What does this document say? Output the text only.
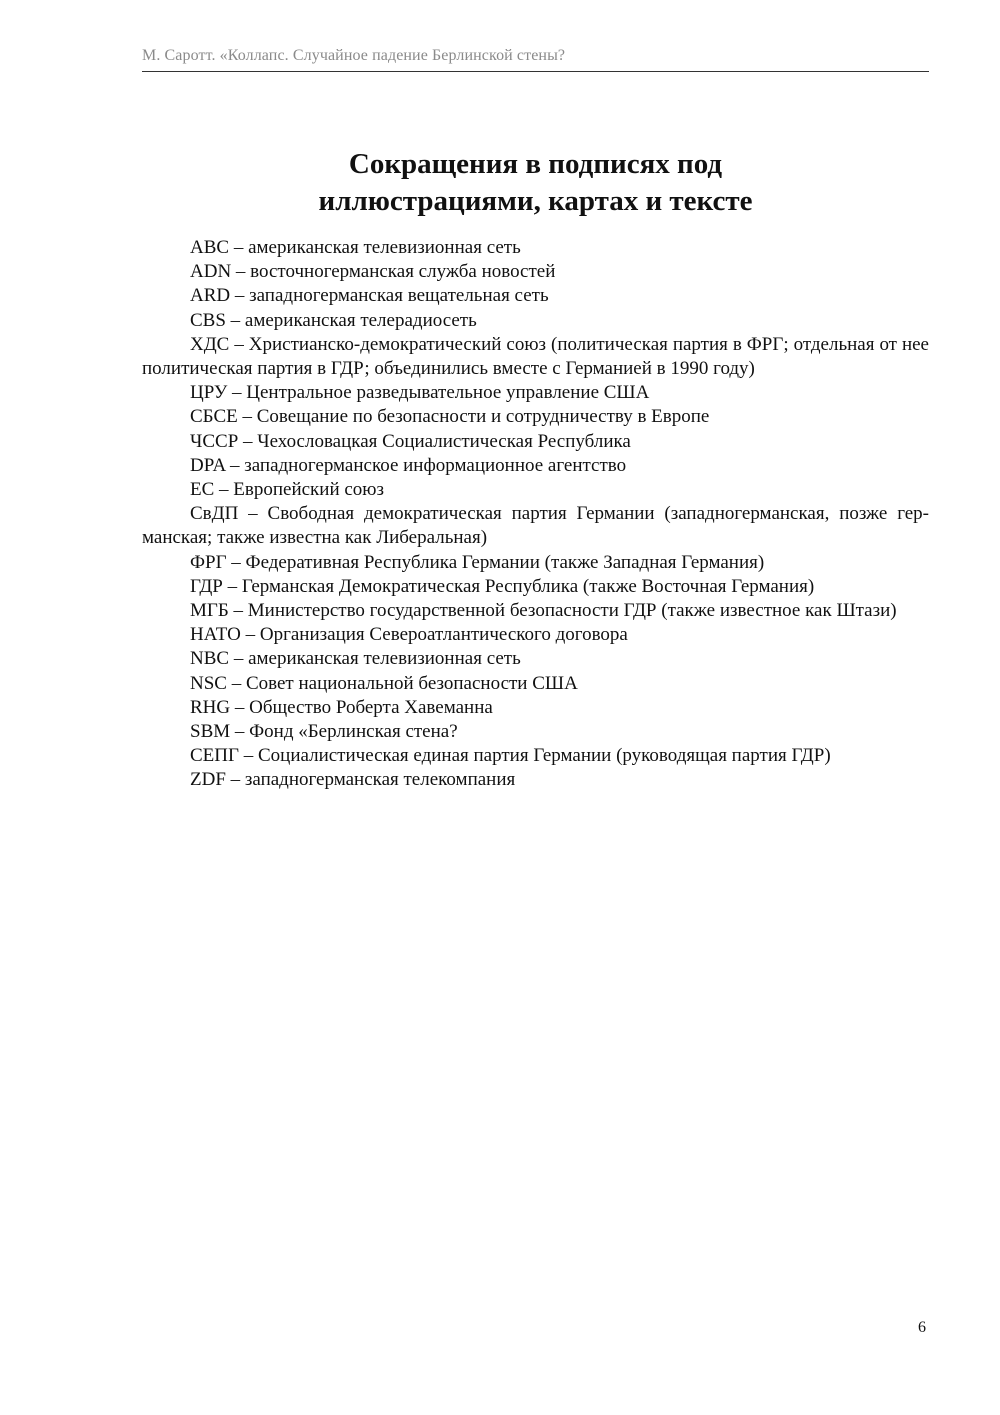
М. Саротт. «Коллапс. Случайное падение Берлинской стены?
Сокращения в подписях под
иллюстрациями, картах и тексте
ABC – американская телевизионная сеть
ADN – восточногерманская служба новостей
ARD – западногерманская вещательная сеть
CBS – американская телерадиосеть
ХДС – Христианско-демократический союз (политическая партия в ФРГ; отдельная от нее политическая партия в ГДР; объединились вместе с Германией в 1990 году)
ЦРУ – Центральное разведывательное управление США
СБСЕ – Совещание по безопасности и сотрудничеству в Европе
ЧССР – Чехословацкая Социалистическая Республика
DPA – западногерманское информационное агентство
ЕС – Европейский союз
СвДП – Свободная демократическая партия Германии (западногерманская, позже германская; также известна как Либеральная)
ФРГ – Федеративная Республика Германии (также Западная Германия)
ГДР – Германская Демократическая Республика (также Восточная Германия)
МГБ – Министерство государственной безопасности ГДР (также известное как Штази)
НАТО – Организация Североатлантического договора
NBC – американская телевизионная сеть
NSC – Совет национальной безопасности США
RHG – Общество Роберта Хавеманна
SBM – Фонд «Берлинская стена?
СЕПГ – Социалистическая единая партия Германии (руководящая партия ГДР)
ZDF – западногерманская телекомпания
6
